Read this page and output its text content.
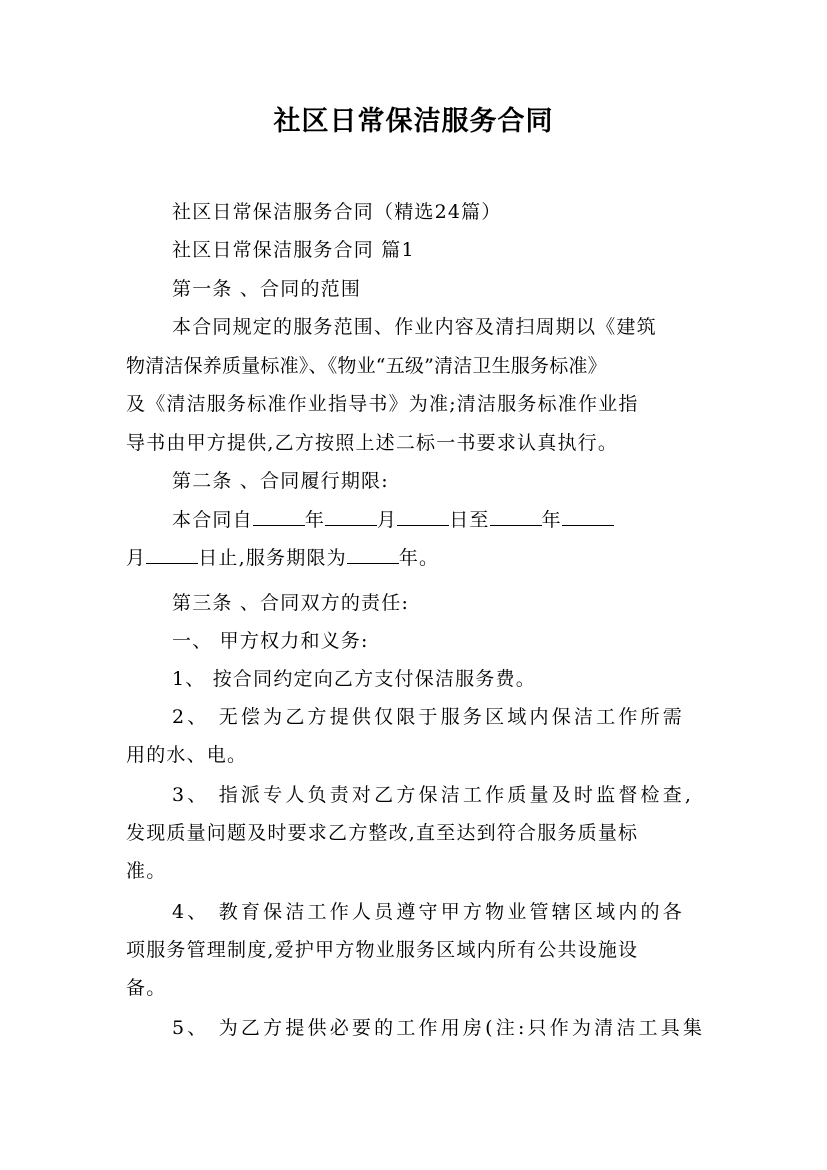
社区日常保洁服务合同
社区日常保洁服务合同（精选24篇）
社区日常保洁服务合同 篇1
第一条 、合同的范围
本合同规定的服务范围、作业内容及清扫周期以《建筑
物清洁保养质量标准》、《物业“五级”清洁卫生服务标准》
及《清洁服务标准作业指导书》为准;清洁服务标准作业指
导书由甲方提供,乙方按照上述二标一书要求认真执行。
第二条 、合同履行期限:
本合同自	年	月	日至	年
月	日止,服务期限为	年。
第三条 、合同双方的责任:
一、 甲方权力和义务:
1、 按合同约定向乙方支付保洁服务费。
2、 无偿为乙方提供仅限于服务区域内保洁工作所需
用的水、电。
3、 指派专人负责对乙方保洁工作质量及时监督检查,
发现质量问题及时要求乙方整改,直至达到符合服务质量标
准。
4、 教育保洁工作人员遵守甲方物业管辖区域内的各
项服务管理制度,爱护甲方物业服务区域内所有公共设施设
备。
5、 为乙方提供必要的工作用房(注:只作为清洁工具集
